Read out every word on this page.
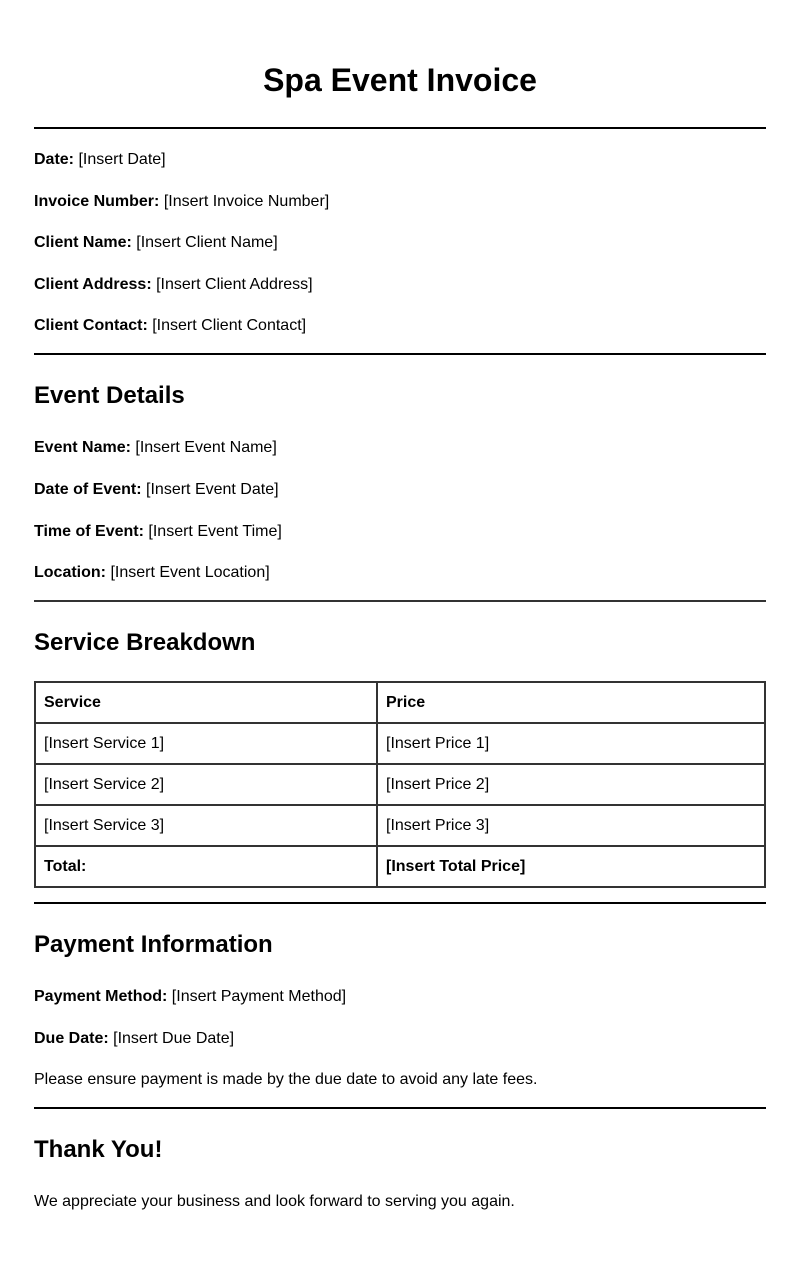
Spa Event Invoice

Date: [Insert Date]

Invoice Number: [Insert Invoice Number]

Client Name: [Insert Client Name]

Client Address: [Insert Client Address]

Client Contact: [Insert Client Contact]

Event Details

Event Name: [Insert Event Name]

Date of Event: [Insert Event Date]

Time of Event: [Insert Event Time]

Location: [Insert Event Location]

Service Breakdown
Service	Price
[Insert Service 1]	[Insert Price 1]
[Insert Service 2]	[Insert Price 2]
[Insert Service 3]	[Insert Price 3]
Total:	[Insert Total Price]
Payment Information

Payment Method: [Insert Payment Method]

Due Date: [Insert Due Date]

Please ensure payment is made by the due date to avoid any late fees.

Thank You!

We appreciate your business and look forward to serving you again.
